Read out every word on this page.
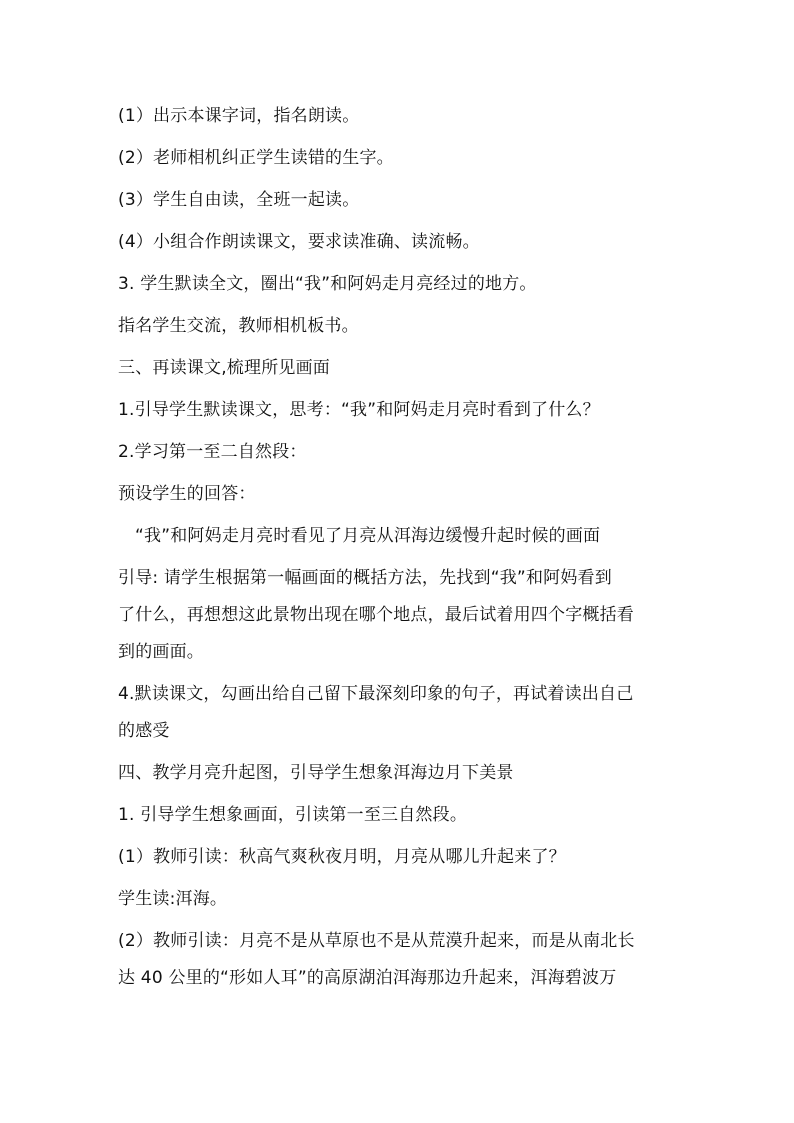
(1）出示本课字词，指名朗读。
(2）老师相机纠正学生读错的生字。
(3）学生自由读，全班一起读。
(4）小组合作朗读课文，要求读准确、读流畅。
3. 学生默读全文，圈出“我”和阿妈走月亮经过的地方。
指名学生交流，教师相机板书。
三、再读课文,梳理所见画面
1.引导学生默读课文，思考：“我”和阿妈走月亮时看到了什么？
2.学习第一至二自然段：
预设学生的回答：
“我”和阿妈走月亮时看见了月亮从洱海边缓慢升起时候的画面
引导: 请学生根据第一幅画面的概括方法，先找到“我”和阿妈看到
了什么，再想想这此景物出现在哪个地点，最后试着用四个字概括看
到的画面。
4.默读课文，勾画出给自己留下最深刻印象的句子，再试着读出自己
的感受
四、教学月亮升起图，引导学生想象洱海边月下美景
1. 引导学生想象画面，引读第一至三自然段。
(1）教师引读：秋高气爽秋夜月明，月亮从哪儿升起来了？
学生读:洱海。
(2）教师引读：月亮不是从草原也不是从荒漠升起来，而是从南北长
达 40 公里的“形如人耳”的高原湖泊洱海那边升起来，洱海碧波万
